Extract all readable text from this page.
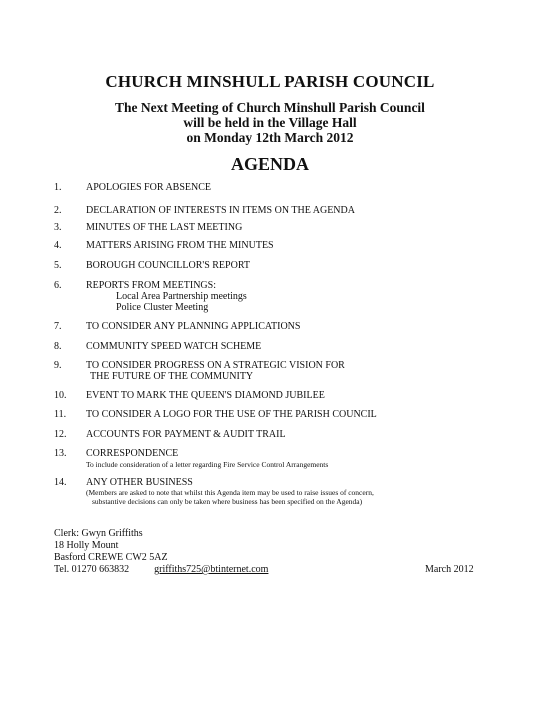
CHURCH MINSHULL PARISH COUNCIL
The Next Meeting of Church Minshull Parish Council
will be held in the Village Hall
on Monday 12th March 2012
AGENDA
1.	APOLOGIES FOR ABSENCE
2.	DECLARATION OF INTERESTS IN ITEMS ON THE AGENDA
3.	MINUTES OF THE LAST MEETING
4.	MATTERS ARISING FROM THE MINUTES
5.	BOROUGH COUNCILLOR'S REPORT
6.	REPORTS FROM MEETINGS:
Local Area Partnership meetings
Police Cluster Meeting
7.	TO CONSIDER ANY PLANNING APPLICATIONS
8.	COMMUNITY SPEED WATCH SCHEME
9.	TO CONSIDER PROGRESS ON A STRATEGIC VISION FOR
THE FUTURE OF THE COMMUNITY
10.	EVENT TO MARK THE QUEEN'S DIAMOND JUBILEE
11.	TO CONSIDER A LOGO FOR THE USE OF THE PARISH COUNCIL
12.	ACCOUNTS FOR PAYMENT & AUDIT TRAIL
13.	CORRESPONDENCE
To include consideration of a letter regarding Fire Service Control Arrangements
14.	ANY OTHER BUSINESS
(Members are asked to note that whilst this Agenda item may be used to raise issues of concern,
substantive decisions can only be taken where business has been specified on the Agenda)
Clerk: Gwyn Griffiths
18 Holly Mount
Basford CREWE CW2 5AZ
Tel. 01270 663832	griffiths725@btinternet.com	March 2012
